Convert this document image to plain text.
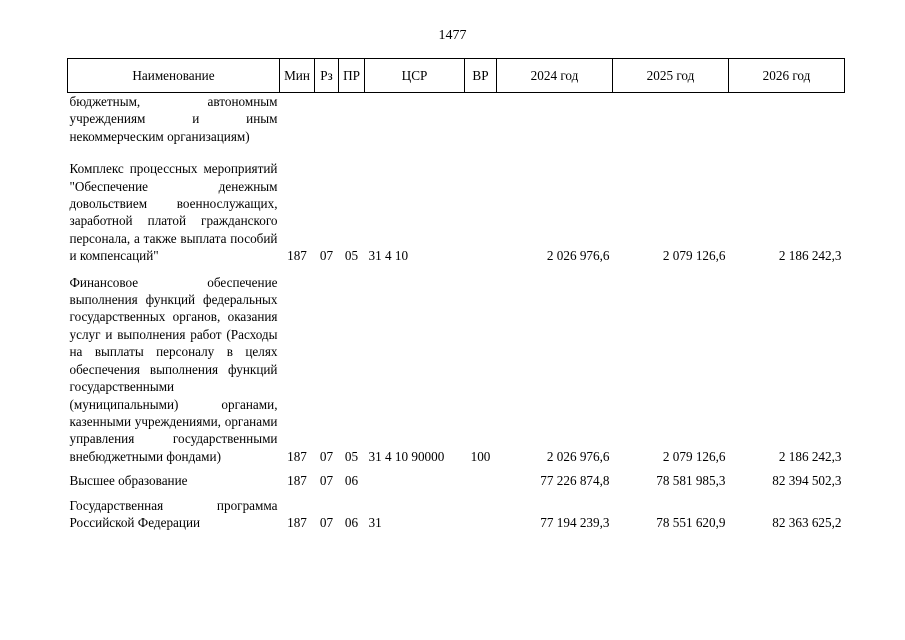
1477
Наименование	Мин	Рз	ПР	ЦСР	ВР	2024 год	2025 год	2026 год
бюджетным, автономным учреждениям и иным некоммерческим организациям)								
Комплекс процессных мероприятий "Обеспечение денежным довольствием военнослужащих, заработной платой гражданского персонала, а также выплата пособий и компенсаций"	187	07	05	31 4 10		2 026 976,6	2 079 126,6	2 186 242,3
Финансовое обеспечение выполнения функций федеральных государственных органов, оказания услуг и выполнения работ (Расходы на выплаты персоналу в целях обеспечения выполнения функций государственными (муниципальными) органами, казенными учреждениями, органами управления государственными внебюджетными фондами)	187	07	05	31 4 10 90000	100	2 026 976,6	2 079 126,6	2 186 242,3
Высшее образование	187	07	06			77 226 874,8	78 581 985,3	82 394 502,3
Государственная программа Российской Федерации	187	07	06	31		77 194 239,3	78 551 620,9	82 363 625,2
